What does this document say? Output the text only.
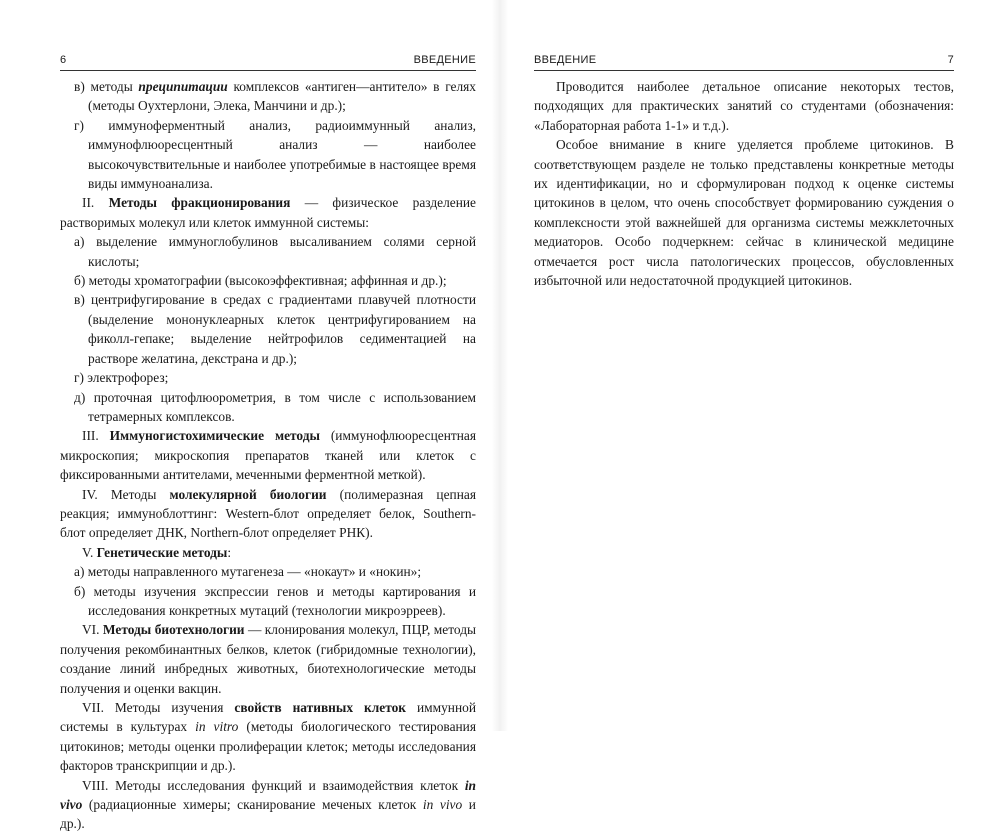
6	ВВЕДЕНИЕ

в) методы преципитации комплексов «антиген—антитело» в гелях (методы Оухтерлони, Элека, Манчини и др.);

г) иммуноферментный анализ, радиоиммунный анализ, иммунофлюоресцентный анализ — наиболее высокочувствительные и наиболее употребимые в настоящее время виды иммуноанализа.

II. Методы фракционирования — физическое разделение растворимых молекул или клеток иммунной системы:

а) выделение иммуноглобулинов высаливанием солями серной кислоты;

б) методы хроматографии (высокоэффективная; аффинная и др.);

в) центрифугирование в средах с градиентами плавучей плотности (выделение мононуклеарных клеток центрифугированием на фиколл-гепаке; выделение нейтрофилов седиментацией на растворе желатина, декстрана и др.);

г) электрофорез;

д) проточная цитофлюорометрия, в том числе с использованием тетрамерных комплексов.

III. Иммуногистохимические методы (иммунофлюоресцентная микроскопия; микроскопия препаратов тканей или клеток с фиксированными антителами, меченными ферментной меткой).

IV. Методы молекулярной биологии (полимеразная цепная реакция; иммуноблоттинг: Western-блот определяет белок, Southern-блот определяет ДНК, Northern-блот определяет РНК).

V. Генетические методы:

а) методы направленного мутагенеза — «нокаут» и «нокин»;

б) методы изучения экспрессии генов и методы картирования и исследования конкретных мутаций (технологии микроэрреев).

VI. Методы биотехнологии — клонирования молекул, ПЦР, методы получения рекомбинантных белков, клеток (гибридомные технологии), создание линий инбредных животных, биотехнологические методы получения и оценки вакцин.

VII. Методы изучения свойств нативных клеток иммунной системы в культурах in vitro (методы биологического тестирования цитокинов; методы оценки пролиферации клеток; методы исследования факторов транскрипции и др.).

VIII. Методы исследования функций и взаимодействия клеток in vivo (радиационные химеры; сканирование меченых клеток in vivo и др.).

ВВЕДЕНИЕ	7

Проводится наиболее детальное описание некоторых тестов, подходящих для практических занятий со студентами (обозначения: «Лабораторная работа 1-1» и т.д.).

Особое внимание в книге уделяется проблеме цитокинов. В соответствующем разделе не только представлены конкретные методы их идентификации, но и сформулирован подход к оценке системы цитокинов в целом, что очень способствует формированию суждения о комплексности этой важнейшей для организма системы межклеточных медиаторов. Особо подчеркнем: сейчас в клинической медицине отмечается рост числа патологических процессов, обусловленных избыточной или недостаточной продукцией цитокинов.
